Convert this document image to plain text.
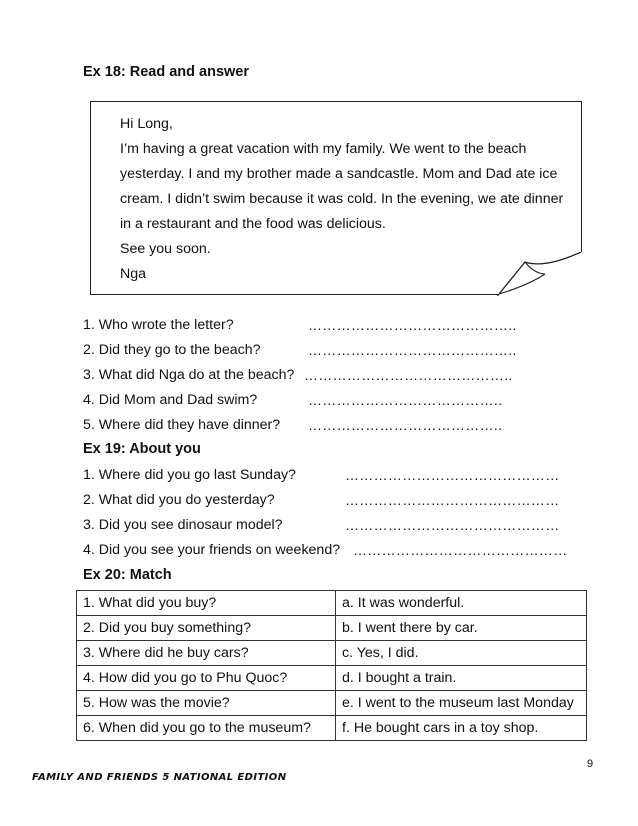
Ex 18: Read and answer
Hi Long,
I’m having a great vacation with my family. We went to the beach
yesterday. I and my brother made a sandcastle. Mom and Dad ate ice
cream. I didn’t swim because it was cold. In the evening, we ate dinner
in a restaurant and the food was delicious.
See you soon.
Nga
1. Who wrote the letter?	……………………………………..
2. Did they go to the beach?	……………………………………..
3. What did Nga do at the beach? ……………………………………..
4. Did Mom and Dad swim?	…………………………………..
5. Where did they have dinner? …………………………………..
Ex 19: About you
1. Where did you go last Sunday?	………………………………………
2. What did you do yesterday?	………………………………………
3. Did you see dinosaur model?	………………………………………
4. Did you see your friends on weekend? ………………………………………
Ex 20: Match
1. What did you buy?	a. It was wonderful.
2. Did you buy something?	b. I went there by car.
3. Where did he buy cars?	c. Yes, I did.
4. How did you go to Phu Quoc?	d. I bought a train.
5. How was the movie?	e. I went to the museum last Monday
6. When did you go to the museum?	f. He bought cars in a toy shop.
9
FAMILY AND FRIENDS 5 NATIONAL EDITION
